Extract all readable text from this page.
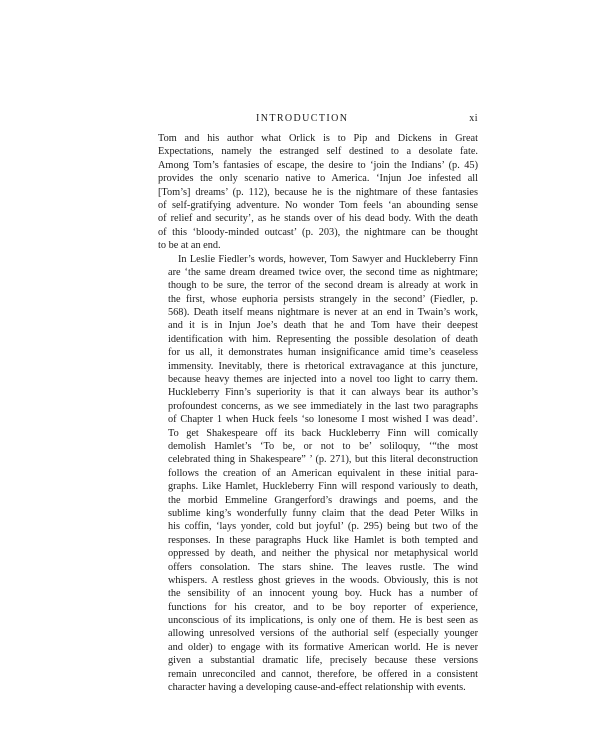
INTRODUCTION	xi
Tom and his author what Orlick is to Pip and Dickens in Great
Expectations, namely the estranged self destined to a desolate fate.
Among Tom’s fantasies of escape, the desire to ‘join the Indians’ (p. 45)
provides the only scenario native to America. ‘Injun Joe infested all
[Tom’s] dreams’ (p. 112), because he is the nightmare of these fantasies
of self-gratifying adventure. No wonder Tom feels ‘an abounding sense
of relief and security’, as he stands over of his dead body. With the death
of this ‘bloody-minded outcast’ (p. 203), the nightmare can be thought
to be at an end.
In Leslie Fiedler’s words, however, Tom Sawyer and Huckleberry Finn
are ‘the same dream dreamed twice over, the second time as nightmare;
though to be sure, the terror of the second dream is already at work in
the first, whose euphoria persists strangely in the second’ (Fiedler, p.
568). Death itself means nightmare is never at an end in Twain’s work,
and it is in Injun Joe’s death that he and Tom have their deepest
identification with him. Representing the possible desolation of death
for us all, it demonstrates human insignificance amid time’s ceaseless
immensity. Inevitably, there is rhetorical extravagance at this juncture,
because heavy themes are injected into a novel too light to carry them.
Huckleberry Finn’s superiority is that it can always bear its author’s
profoundest concerns, as we see immediately in the last two paragraphs
of Chapter 1 when Huck feels ‘so lonesome I most wished I was dead’.
To get Shakespeare off its back Huckleberry Finn will comically
demolish Hamlet’s ‘To be, or not to be’ soliloquy, ‘“the most
celebrated thing in Shakespeare” ’ (p. 271), but this literal deconstruction
follows the creation of an American equivalent in these initial para-
graphs. Like Hamlet, Huckleberry Finn will respond variously to death,
the morbid Emmeline Grangerford’s drawings and poems, and the
sublime king’s wonderfully funny claim that the dead Peter Wilks in
his coffin, ‘lays yonder, cold but joyful’ (p. 295) being but two of the
responses. In these paragraphs Huck like Hamlet is both tempted and
oppressed by death, and neither the physical nor metaphysical world
offers consolation. The stars shine. The leaves rustle. The wind
whispers. A restless ghost grieves in the woods. Obviously, this is not
the sensibility of an innocent young boy. Huck has a number of
functions for his creator, and to be boy reporter of experience,
unconscious of its implications, is only one of them. He is best seen as
allowing unresolved versions of the authorial self (especially younger
and older) to engage with its formative American world. He is never
given a substantial dramatic life, precisely because these versions
remain unreconciled and cannot, therefore, be offered in a consistent
character having a developing cause-and-effect relationship with events.
